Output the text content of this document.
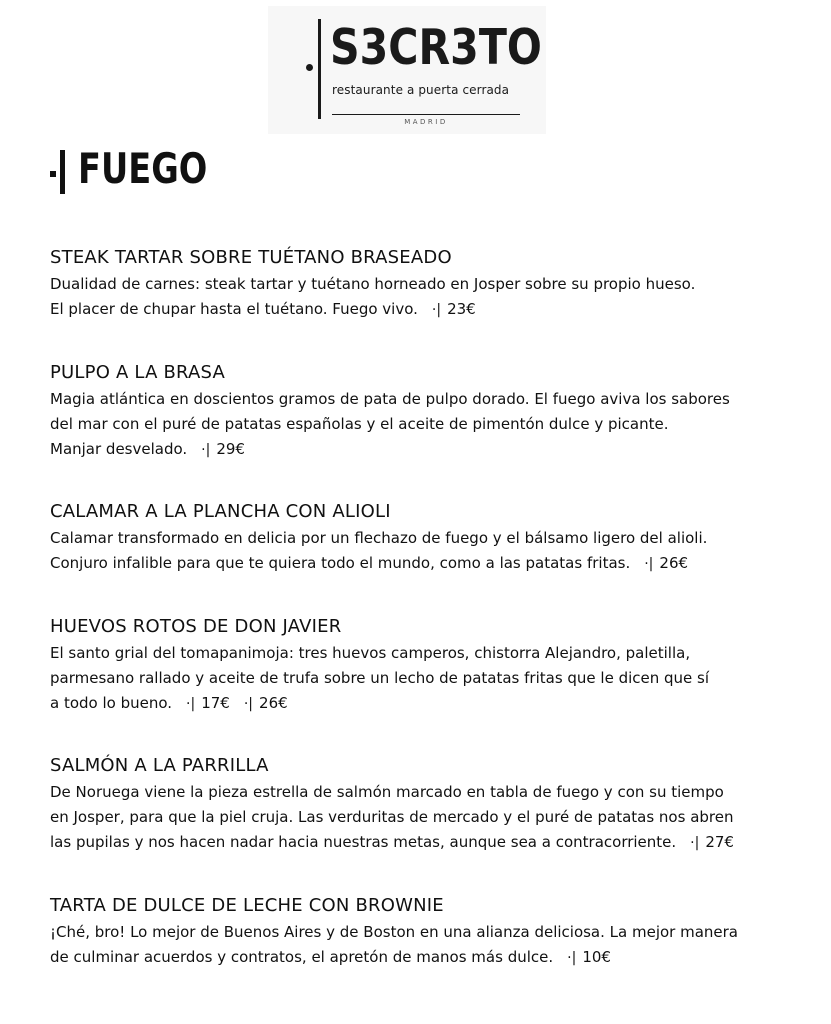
S3CR3TO
restaurante a puerta cerrada
MADRID
FUEGO
STEAK TARTAR SOBRE TUÉTANO BRASEADO
Dualidad de carnes: steak tartar y tuétano horneado en Josper sobre su propio hueso.
El placer de chupar hasta el tuétano. Fuego vivo. ·| 23€
PULPO A LA BRASA
Magia atlántica en doscientos gramos de pata de pulpo dorado. El fuego aviva los sabores
del mar con el puré de patatas españolas y el aceite de pimentón dulce y picante.
Manjar desvelado. ·| 29€
CALAMAR A LA PLANCHA CON ALIOLI
Calamar transformado en delicia por un flechazo de fuego y el bálsamo ligero del alioli.
Conjuro infalible para que te quiera todo el mundo, como a las patatas fritas. ·| 26€
HUEVOS ROTOS DE DON JAVIER
El santo grial del tomapanimoja: tres huevos camperos, chistorra Alejandro, paletilla,
parmesano rallado y aceite de trufa sobre un lecho de patatas fritas que le dicen que sí
a todo lo bueno. ·| 17€ ·| 26€
SALMÓN A LA PARRILLA
De Noruega viene la pieza estrella de salmón marcado en tabla de fuego y con su tiempo
en Josper, para que la piel cruja. Las verduritas de mercado y el puré de patatas nos abren
las pupilas y nos hacen nadar hacia nuestras metas, aunque sea a contracorriente. ·| 27€
TARTA DE DULCE DE LECHE CON BROWNIE
¡Ché, bro! Lo mejor de Buenos Aires y de Boston en una alianza deliciosa. La mejor manera
de culminar acuerdos y contratos, el apretón de manos más dulce. ·| 10€
